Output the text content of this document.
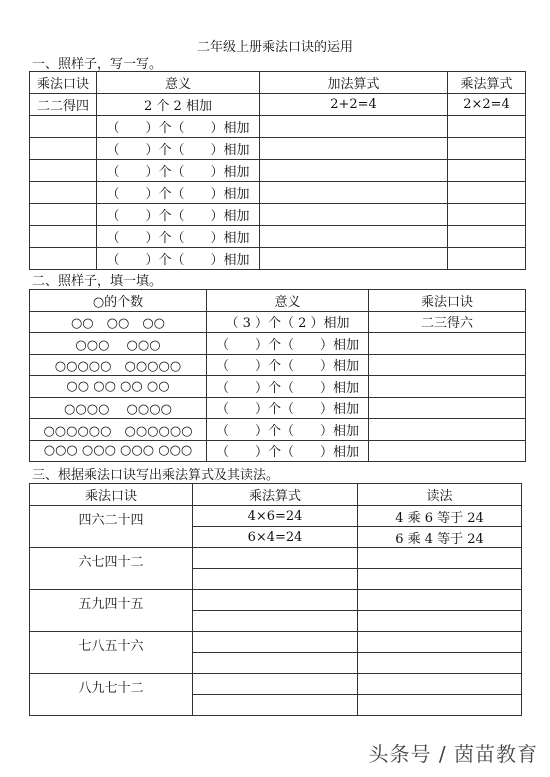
二年级上册乘法口诀的运用
一、照样子，写一写。
乘法口诀	意义	加法算式	乘法算式
二二得四	2 个 2 相加	2+2=4	2×2=4
	（　　）个（　　）相加		
	（　　）个（　　）相加		
	（　　）个（　　）相加		
	（　　）个（　　）相加		
	（　　）个（　　）相加		
	（　　）个（　　）相加		
	（　　）个（　　）相加		
二、照样子，填一填。
○的个数	意义	乘法口诀
○○　○○　○○	（ 3 ）个（ 2 ）相加	二三得六
○○○　 ○○○	（　　）个（　　）相加	
○○○○○　○○○○○	（　　）个（　　）相加	
○○ ○○ ○○ ○○	（　　）个（　　）相加	
○○○○　 ○○○○	（　　）个（　　）相加	
○○○○○○　○○○○○○	（　　）个（　　）相加	
○○○ ○○○ ○○○ ○○○	（　　）个（　　）相加	
三、根据乘法口诀写出乘法算式及其读法。
乘法口诀	乘法算式	读法
四六二十四	4×6=24	4 乘 6 等于 24
	6×4=24	6 乘 4 等于 24
六七四十二		

五九四十五		

七八五十六		

八九七十二		

头条号 / 茵苗教育
